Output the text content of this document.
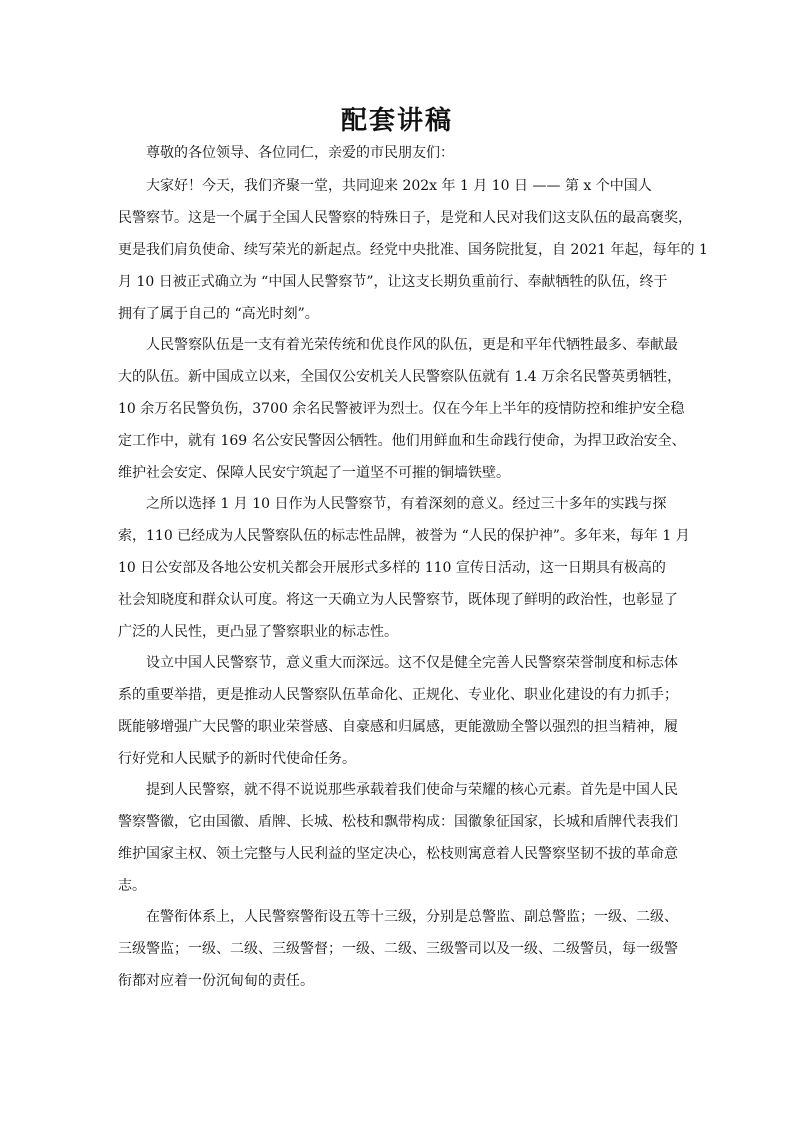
配套讲稿
尊敬的各位领导、各位同仁，亲爱的市民朋友们：
大家好！今天，我们齐聚一堂，共同迎来 202x 年 1 月 10 日 —— 第 x 个中国人
民警察节。这是一个属于全国人民警察的特殊日子，是党和人民对我们这支队伍的最高褒奖，
更是我们肩负使命、续写荣光的新起点。经党中央批准、国务院批复，自 2021 年起，每年的 1
月 10 日被正式确立为 “中国人民警察节”，让这支长期负重前行、奉献牺牲的队伍，终于
拥有了属于自己的 “高光时刻”。
人民警察队伍是一支有着光荣传统和优良作风的队伍，更是和平年代牺牲最多、奉献最
大的队伍。新中国成立以来，全国仅公安机关人民警察队伍就有 1.4 万余名民警英勇牺牲，
10 余万名民警负伤，3700 余名民警被评为烈士。仅在今年上半年的疫情防控和维护安全稳
定工作中，就有 169 名公安民警因公牺牲。他们用鲜血和生命践行使命，为捍卫政治安全、
维护社会安定、保障人民安宁筑起了一道坚不可摧的铜墙铁壁。
之所以选择 1 月 10 日作为人民警察节，有着深刻的意义。经过三十多年的实践与探
索，110 已经成为人民警察队伍的标志性品牌，被誉为 “人民的保护神”。多年来，每年 1 月
10 日公安部及各地公安机关都会开展形式多样的 110 宣传日活动，这一日期具有极高的
社会知晓度和群众认可度。将这一天确立为人民警察节，既体现了鲜明的政治性，也彰显了
广泛的人民性，更凸显了警察职业的标志性。
设立中国人民警察节，意义重大而深远。这不仅是健全完善人民警察荣誉制度和标志体
系的重要举措，更是推动人民警察队伍革命化、正规化、专业化、职业化建设的有力抓手；
既能够增强广大民警的职业荣誉感、自豪感和归属感，更能激励全警以强烈的担当精神，履
行好党和人民赋予的新时代使命任务。
提到人民警察，就不得不说说那些承载着我们使命与荣耀的核心元素。首先是中国人民
警察警徽，它由国徽、盾牌、长城、松枝和飘带构成：国徽象征国家，长城和盾牌代表我们
维护国家主权、领土完整与人民利益的坚定决心，松枝则寓意着人民警察坚韧不拔的革命意
志。
在警衔体系上，人民警察警衔设五等十三级，分别是总警监、副总警监；一级、二级、
三级警监；一级、二级、三级警督；一级、二级、三级警司以及一级、二级警员，每一级警
衔都对应着一份沉甸甸的责任。
